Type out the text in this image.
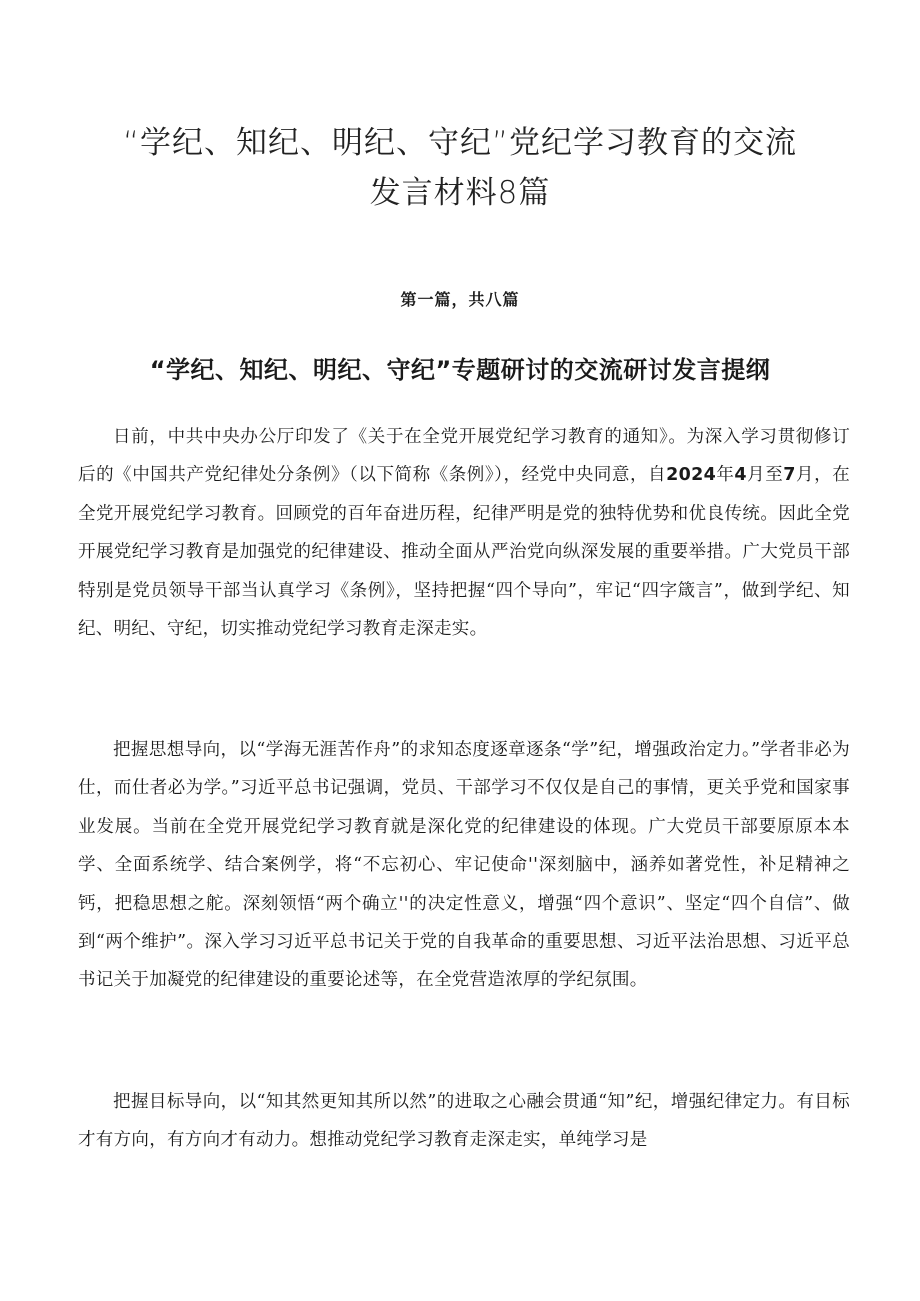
“学纪、知纪、明纪、守纪”党纪学习教育的交流
发言材料8篇

第一篇，共八篇

“学纪、知纪、明纪、守纪”专题研讨的交流研讨发言提纲

日前，中共中央办公厅印发了《关于在全党开展党纪学习教育的通知》。为深入学习贯彻修订后的《中国共产党纪律处分条例》（以下简称《条例》），经党中央同意，自2024年4月至7月，在全党开展党纪学习教育。回顾党的百年奋进历程，纪律严明是党的独特优势和优良传统。因此全党开展党纪学习教育是加强党的纪律建设、推动全面从严治党向纵深发展的重要举措。广大党员干部特别是党员领导干部当认真学习《条例》，坚持把握“四个导向”，牢记“四字箴言”，做到学纪、知纪、明纪、守纪，切实推动党纪学习教育走深走实。

把握思想导向，以“学海无涯苦作舟”的求知态度逐章逐条“学”纪，增强政治定力。”学者非必为仕，而仕者必为学。”习近平总书记强调，党员、干部学习不仅仅是自己的事情，更关乎党和国家事业发展。当前在全党开展党纪学习教育就是深化党的纪律建设的体现。广大党员干部要原原本本学、全面系统学、结合案例学，将“不忘初心、牢记使命''深刻脑中，涵养如著党性，补足精神之钙，把稳思想之舵。深刻领悟“两个确立''的决定性意义，增强“四个意识”、坚定“四个自信”、做到“两个维护”。深入学习习近平总书记关于党的自我革命的重要思想、习近平法治思想、习近平总书记关于加凝党的纪律建设的重要论述等，在全党营造浓厚的学纪氛围。

把握目标导向，以“知其然更知其所以然”的进取之心融会贯通“知”纪，增强纪律定力。有目标才有方向，有方向才有动力。想推动党纪学习教育走深走实，单纯学习是
